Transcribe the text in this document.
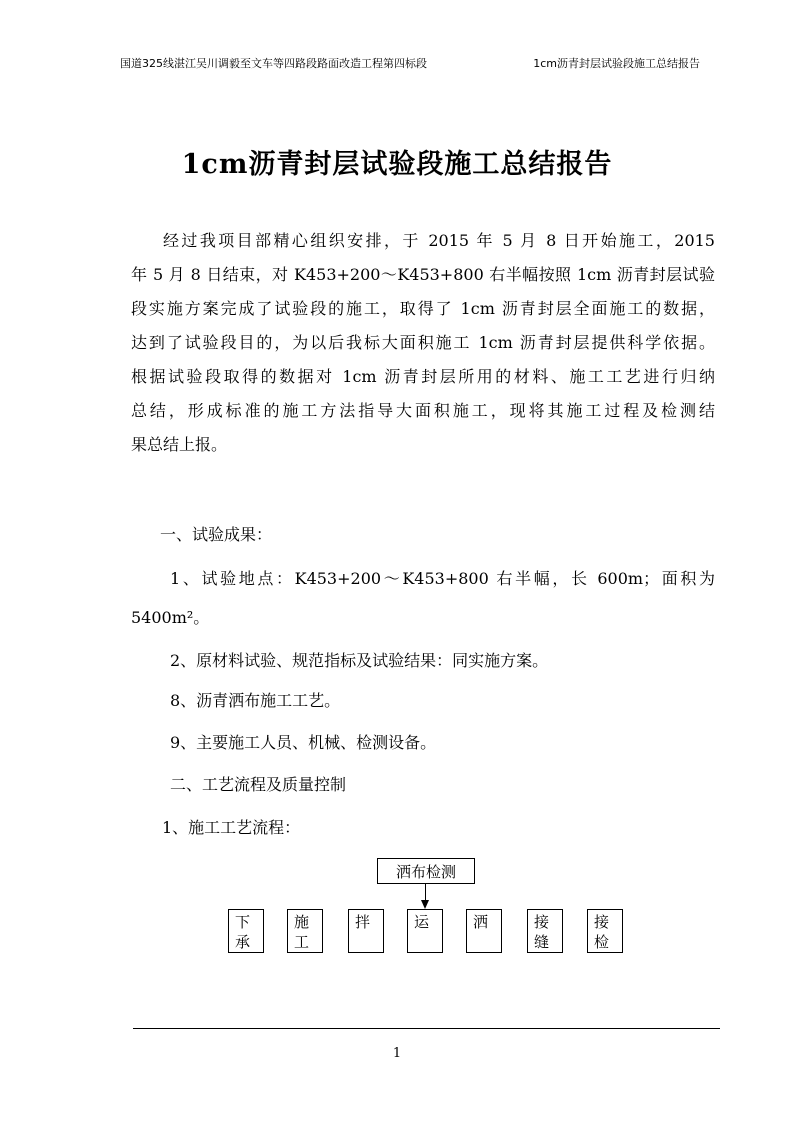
国道325线湛江吴川调毅至文车等四路段路面改造工程第四标段	1cm沥青封层试验段施工总结报告
1cm沥青封层试验段施工总结报告
经过我项目部精心组织安排，于 2015 年 5 月 8 日开始施工，2015
年 5 月 8 日结束，对 K453+200～K453+800 右半幅按照 1cm 沥青封层试验
段实施方案完成了试验段的施工，取得了 1cm 沥青封层全面施工的数据，
达到了试验段目的，为以后我标大面积施工 1cm 沥青封层提供科学依据。
根据试验段取得的数据对 1cm 沥青封层所用的材料、施工工艺进行归纳
总结，形成标准的施工方法指导大面积施工，现将其施工过程及检测结
果总结上报。
一、试验成果：
1、试验地点：K453+200～K453+800 右半幅，长 600m；面积为
5400m²。
2、原材料试验、规范指标及试验结果：同实施方案。
8、沥青洒布施工工艺。
9、主要施工人员、机械、检测设备。
二、工艺流程及质量控制
1、施工工艺流程：
洒布检测
下
承
施
工
拌	运	洒	接
缝
接
检
1
